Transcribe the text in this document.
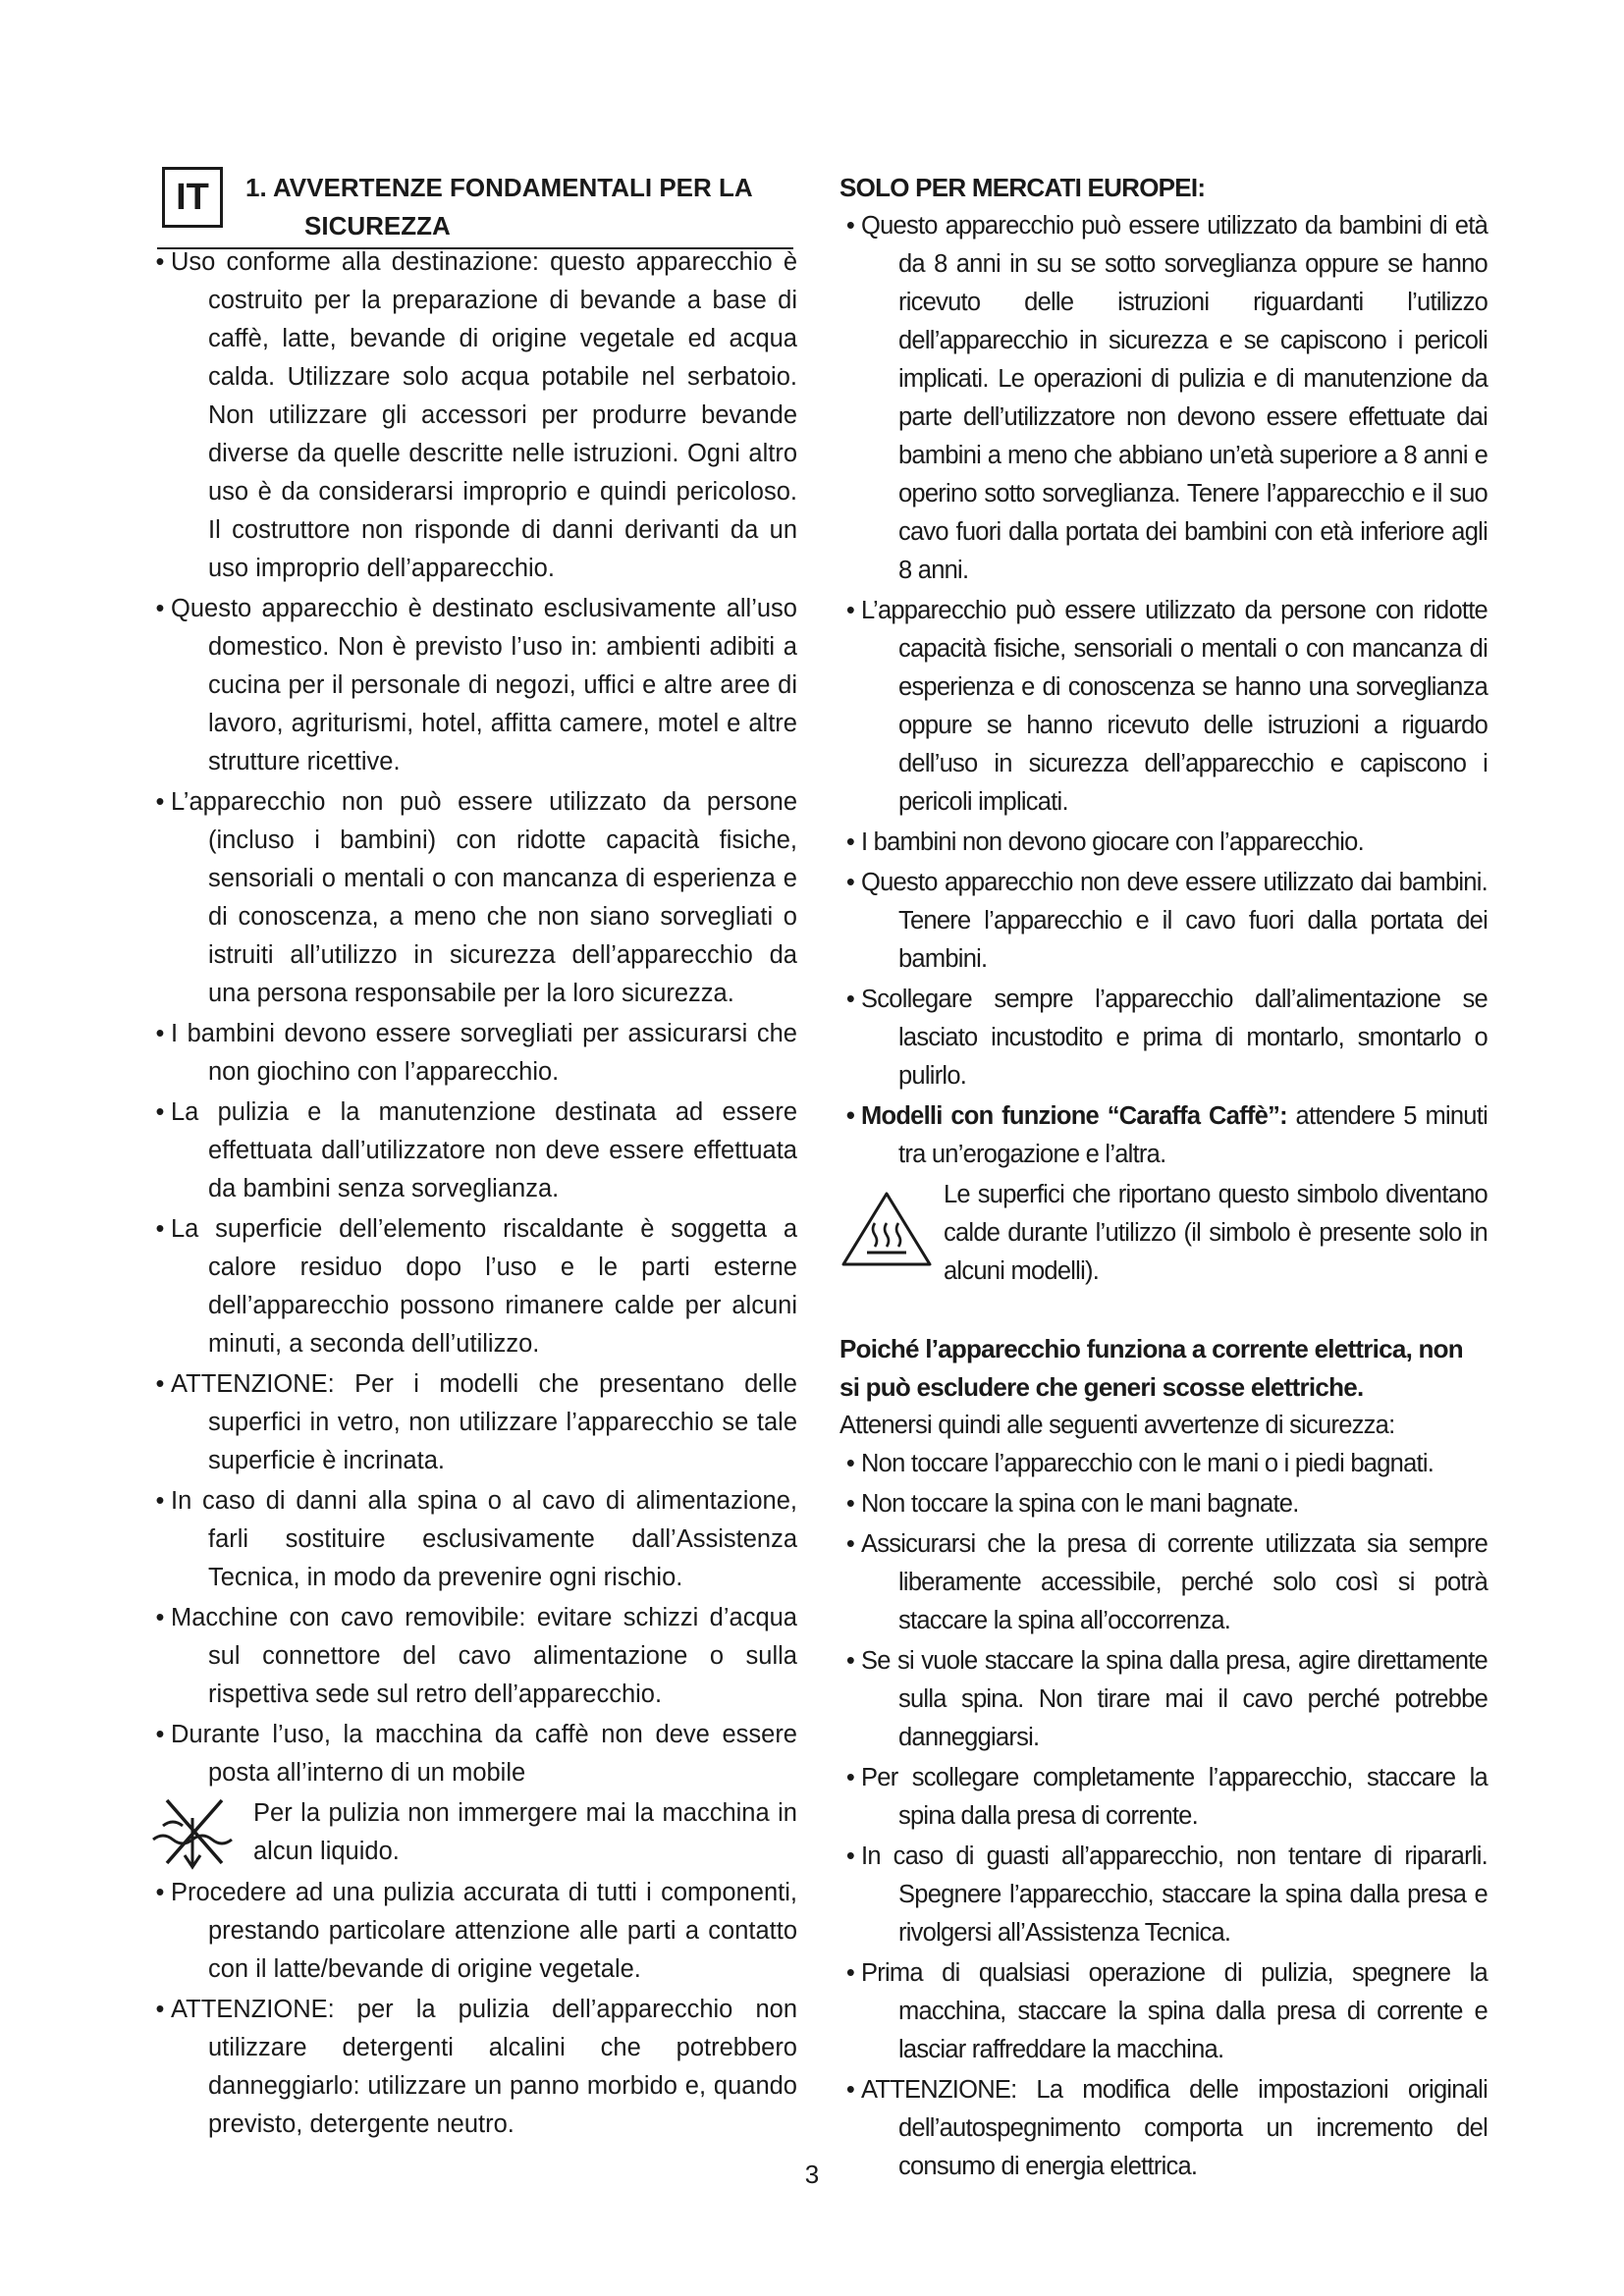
IT	1. AVVERTENZE FONDAMENTALI PER LA
SICUREZZA

• Uso conforme alla destinazione: questo apparecchio è costruito per la preparazione di bevande a base di caffè, latte, bevande di origine vegetale ed acqua calda. Utilizzare solo acqua potabile nel serbatoio. Non utilizzare gli accessori per produrre bevande diverse da quelle descritte nelle istruzioni. Ogni altro uso è da considerarsi improprio e quindi pericoloso. Il costruttore non risponde di danni derivanti da un uso improprio dell’apparecchio.

• Questo apparecchio è destinato esclusivamente all’uso domestico. Non è previsto l’uso in: ambienti adibiti a cucina per il personale di negozi, uffici e altre aree di lavoro, agriturismi, hotel, affitta camere, motel e altre strutture ricettive.

• L’apparecchio non può essere utilizzato da persone (incluso i bambini) con ridotte capacità fisiche, sensoriali o mentali o con mancanza di esperienza e di conoscenza, a meno che non siano sorvegliati o istruiti all’utilizzo in sicurezza dell’apparecchio da una persona responsabile per la loro sicurezza.

• I bambini devono essere sorvegliati per assicurarsi che non giochino con l’apparecchio.

• La pulizia e la manutenzione destinata ad essere effettuata dall’utilizzatore non deve essere effettuata da bambini senza sorveglianza.

• La superficie dell’elemento riscaldante è soggetta a calore residuo dopo l’uso e le parti esterne dell’apparecchio possono rimanere calde per alcuni minuti, a seconda dell’utilizzo.

• ATTENZIONE: Per i modelli che presentano delle superfici in vetro, non utilizzare l’apparecchio se tale superficie è incrinata.

• In caso di danni alla spina o al cavo di alimentazione, farli sostituire esclusivamente dall’Assistenza Tecnica, in modo da prevenire ogni rischio.

• Macchine con cavo removibile: evitare schizzi d’acqua sul connettore del cavo alimentazione o sulla rispettiva sede sul retro dell’apparecchio.

• Durante l’uso, la macchina da caffè non deve essere posta all’interno di un mobile

Per la pulizia non immergere mai la macchina in alcun liquido.

• Procedere ad una pulizia accurata di tutti i componenti, prestando particolare attenzione alle parti a contatto con il latte/bevande di origine vegetale.

• ATTENZIONE: per la pulizia dell’apparecchio non utilizzare detergenti alcalini che potrebbero danneggiarlo: utilizzare un panno morbido e, quando previsto, detergente neutro.

SOLO PER MERCATI EUROPEI:

• Questo apparecchio può essere utilizzato da bambini di età da 8 anni in su se sotto sorveglianza oppure se hanno ricevuto delle istruzioni riguardanti l’utilizzo dell’apparecchio in sicurezza e se capiscono i pericoli implicati. Le operazioni di pulizia e di manutenzione da parte dell’utilizzatore non devono essere effettuate dai bambini a meno che abbiano un’età superiore a 8 anni e operino sotto sorveglianza. Tenere l’apparecchio e il suo cavo fuori dalla portata dei bambini con età inferiore agli 8 anni.

• L’apparecchio può essere utilizzato da persone con ridotte capacità fisiche, sensoriali o mentali o con mancanza di esperienza e di conoscenza se hanno una sorveglianza oppure se hanno ricevuto delle istruzioni a riguardo dell’uso in sicurezza dell’apparecchio e capiscono i pericoli implicati.

• I bambini non devono giocare con l’apparecchio.

• Questo apparecchio non deve essere utilizzato dai bambini. Tenere l’apparecchio e il cavo fuori dalla portata dei bambini.

• Scollegare sempre l’apparecchio dall’alimentazione se lasciato incustodito e prima di montarlo, smontarlo o pulirlo.

• Modelli con funzione “Caraffa Caffè”: attendere 5 minuti tra un’erogazione e l’altra.

Le superfici che riportano questo simbolo diventano calde durante l’utilizzo (il simbolo è presente solo in alcuni modelli).

Poiché l’apparecchio funziona a corrente elettrica, non si può escludere che generi scosse elettriche.

Attenersi quindi alle seguenti avvertenze di sicurezza:

• Non toccare l’apparecchio con le mani o i piedi bagnati.

• Non toccare la spina con le mani bagnate.

• Assicurarsi che la presa di corrente utilizzata sia sempre liberamente accessibile, perché solo così si potrà staccare la spina all’occorrenza.

• Se si vuole staccare la spina dalla presa, agire direttamente sulla spina. Non tirare mai il cavo perché potrebbe danneggiarsi.

• Per scollegare completamente l’apparecchio, staccare la spina dalla presa di corrente.

• In caso di guasti all’apparecchio, non tentare di ripararli. Spegnere l’apparecchio, staccare la spina dalla presa e rivolgersi all’Assistenza Tecnica.

• Prima di qualsiasi operazione di pulizia, spegnere la macchina, staccare la spina dalla presa di corrente e lasciar raffreddare la macchina.

• ATTENZIONE: La modifica delle impostazioni originali dell’autospegnimento comporta un incremento del consumo di energia elettrica.

3
